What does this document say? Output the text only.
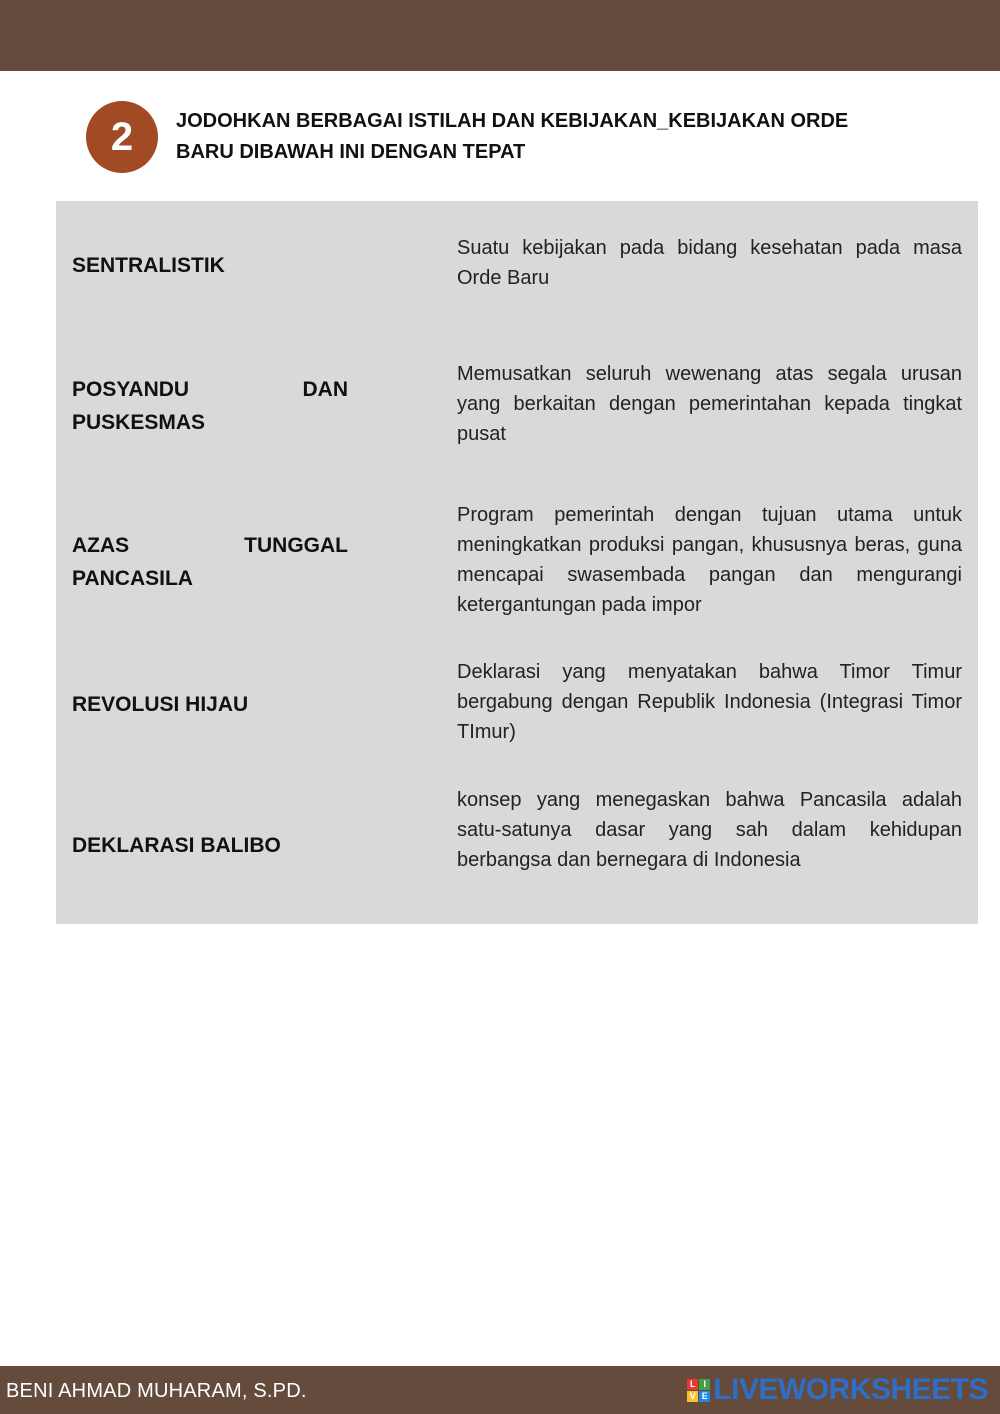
2	JODOHKAN BERBAGAI ISTILAH DAN KEBIJAKAN_KEBIJAKAN ORDE
BARU DIBAWAH INI DENGAN TEPAT
SENTRALISTIK
Suatu kebijakan pada bidang kesehatan pada masa Orde Baru
POSYANDU DAN
PUSKESMAS
Memusatkan seluruh wewenang atas segala urusan yang berkaitan dengan pemerintahan kepada tingkat pusat
AZAS TUNGGAL
PANCASILA
Program pemerintah dengan tujuan utama untuk meningkatkan produksi pangan, khususnya beras, guna mencapai swasembada pangan dan mengurangi ketergantungan pada impor
REVOLUSI HIJAU
Deklarasi yang menyatakan bahwa Timor Timur bergabung dengan Republik Indonesia (Integrasi Timor TImur)
DEKLARASI BALIBO
konsep yang menegaskan bahwa Pancasila adalah satu-satunya dasar yang sah dalam kehidupan berbangsa dan bernegara di Indonesia
BENI AHMAD MUHARAM, S.PD.	L I
V E LIVEWORKSHEETS
